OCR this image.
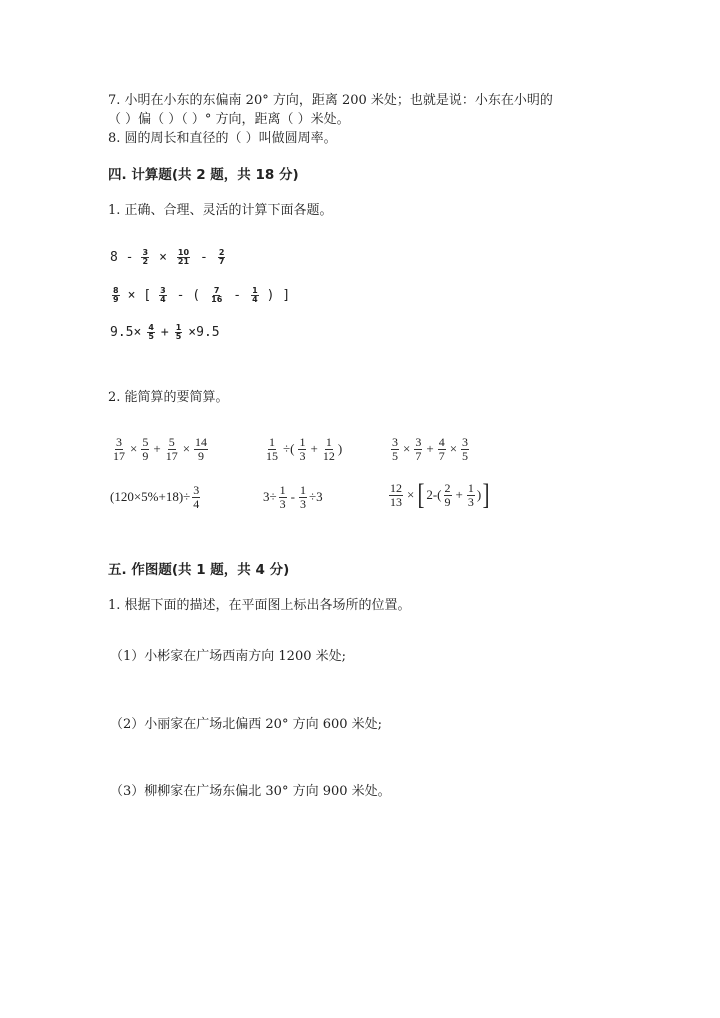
7. 小明在小东的东偏南 20° 方向，距离 200 米处；也就是说：小东在小明的
（ ）偏（ ）（ ）° 方向，距离（ ）米处。
8. 圆的周长和直径的（ ）叫做圆周率。
四. 计算题(共 2 题，共 18 分)
1. 正确、合理、灵活的计算下面各题。
$8 - \frac{3}{2} \times \frac{10}{21} - \frac{2}{7}$
$\frac{8}{9}$ × [ $\frac{3}{4}$ - ( $\frac{7}{16} - \frac{1}{4}$ ) ]
$9.5\times \frac{4}{5} + \frac{1}{5} \times 9.5$
2. 能简算的要简算。
$\frac{3}{17} \times \frac{5}{9} + \frac{5}{17} \times \frac{14}{9}$	$\frac{1}{15}$ ÷( $\frac{1}{3} + \frac{1}{12}$ )	$\frac{3}{5} \times \frac{3}{7} + \frac{4}{7} \times \frac{3}{5}$
$(120\times 5\%+18)\div \frac{3}{4}$	$3\div \frac{1}{3} - \frac{1}{3} \div 3$	$\frac{12}{13}$ × [ $2-( \frac{2}{9} + \frac{1}{3}$ ) ]
五. 作图题(共 1 题，共 4 分)
1. 根据下面的描述，在平面图上标出各场所的位置。
（1）小彬家在广场西南方向 1200 米处;
（2）小丽家在广场北偏西 20° 方向 600 米处;
（3）柳柳家在广场东偏北 30° 方向 900 米处。
